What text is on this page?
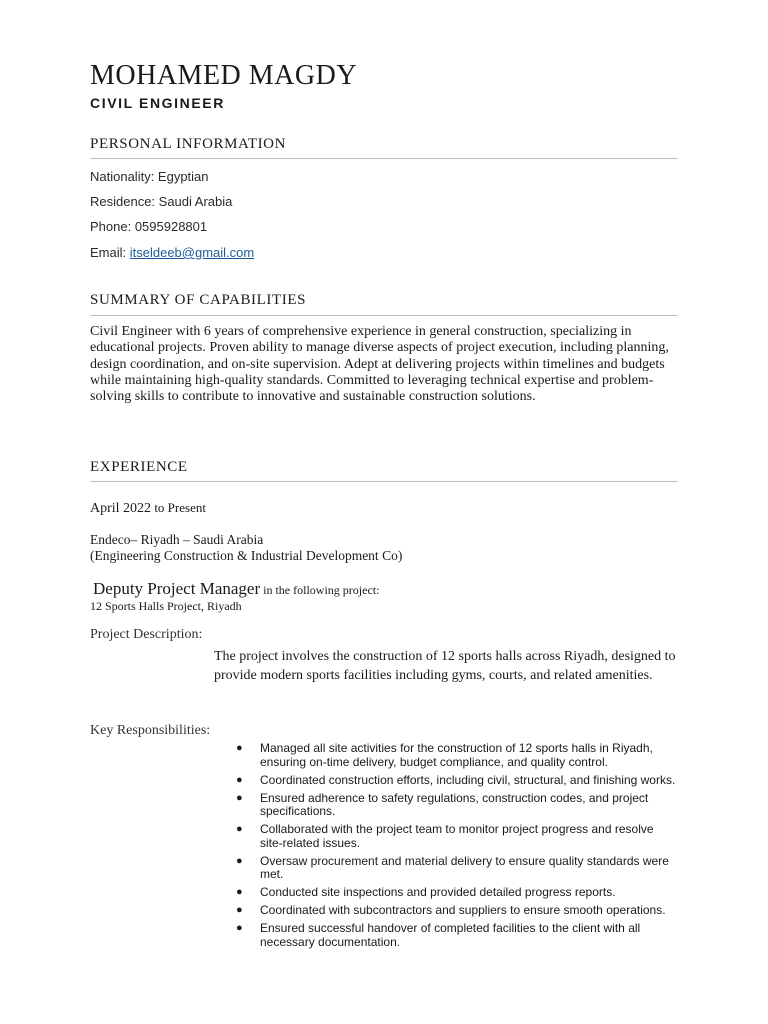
MOHAMED MAGDY
CIVIL ENGINEER
PERSONAL INFORMATION
Nationality: Egyptian
Residence: Saudi Arabia
Phone: 0595928801
Email: itseldeeb@gmail.com
SUMMARY OF CAPABILITIES
Civil Engineer with 6 years of comprehensive experience in general construction, specializing in educational projects. Proven ability to manage diverse aspects of project execution, including planning, design coordination, and on-site supervision. Adept at delivering projects within timelines and budgets while maintaining high-quality standards. Committed to leveraging technical expertise and problem-solving skills to contribute to innovative and sustainable construction solutions.
EXPERIENCE
April 2022 to Present
Endeco– Riyadh – Saudi Arabia
(Engineering Construction & Industrial Development Co)
Deputy Project Manager in the following project:
12 Sports Halls Project, Riyadh
Project Description:
The project involves the construction of 12 sports halls across Riyadh, designed to provide modern sports facilities including gyms, courts, and related amenities.
Key Responsibilities:
● Managed all site activities for the construction of 12 sports halls in Riyadh, ensuring on-time delivery, budget compliance, and quality control.
● Coordinated construction efforts, including civil, structural, and finishing works.
● Ensured adherence to safety regulations, construction codes, and project specifications.
● Collaborated with the project team to monitor project progress and resolve site-related issues.
● Oversaw procurement and material delivery to ensure quality standards were met.
● Conducted site inspections and provided detailed progress reports.
● Coordinated with subcontractors and suppliers to ensure smooth operations.
● Ensured successful handover of completed facilities to the client with all necessary documentation.
